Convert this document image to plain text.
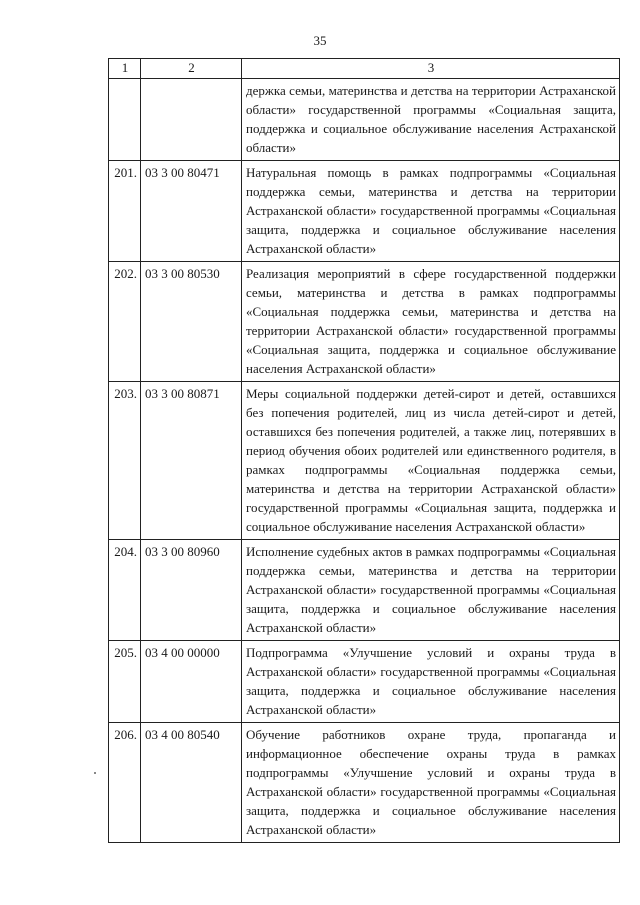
35
1	2	3
		держка семьи, материнства и детства на территории Астраханской области» государственной программы «Социальная защита, поддержка и социальное обслуживание населения Астраханской области»
201.	03 3 00 80471	Натуральная помощь в рамках подпрограммы «Социальная поддержка семьи, материнства и детства на территории Астраханской области» государственной программы «Социальная защита, поддержка и социальное обслуживание населения Астраханской области»
202.	03 3 00 80530	Реализация мероприятий в сфере государственной поддержки семьи, материнства и детства в рамках подпрограммы «Социальная поддержка семьи, материнства и детства на территории Астраханской области» государственной программы «Социальная защита, поддержка и социальное обслуживание населения Астраханской области»
203.	03 3 00 80871	Меры социальной поддержки детей-сирот и детей, оставшихся без попечения родителей, лиц из числа детей-сирот и детей, оставшихся без попечения родителей, а также лиц, потерявших в период обучения обоих родителей или единственного родителя, в рамках подпрограммы «Социальная поддержка семьи, материнства и детства на территории Астраханской области» государственной программы «Социальная защита, поддержка и социальное обслуживание населения Астраханской области»
204.	03 3 00 80960	Исполнение судебных актов в рамках подпрограммы «Социальная поддержка семьи, материнства и детства на территории Астраханской области» государственной программы «Социальная защита, поддержка и социальное обслуживание населения Астраханской области»
205.	03 4 00 00000	Подпрограмма «Улучшение условий и охраны труда в Астраханской области» государственной программы «Социальная защита, поддержка и социальное обслуживание населения Астраханской области»
206.	03 4 00 80540	Обучение работников охране труда, пропаганда и информационное обеспечение охраны труда в рамках подпрограммы «Улучшение условий и охраны труда в Астраханской области» государственной программы «Социальная защита, поддержка и социальное обслуживание населения Астраханской области»
